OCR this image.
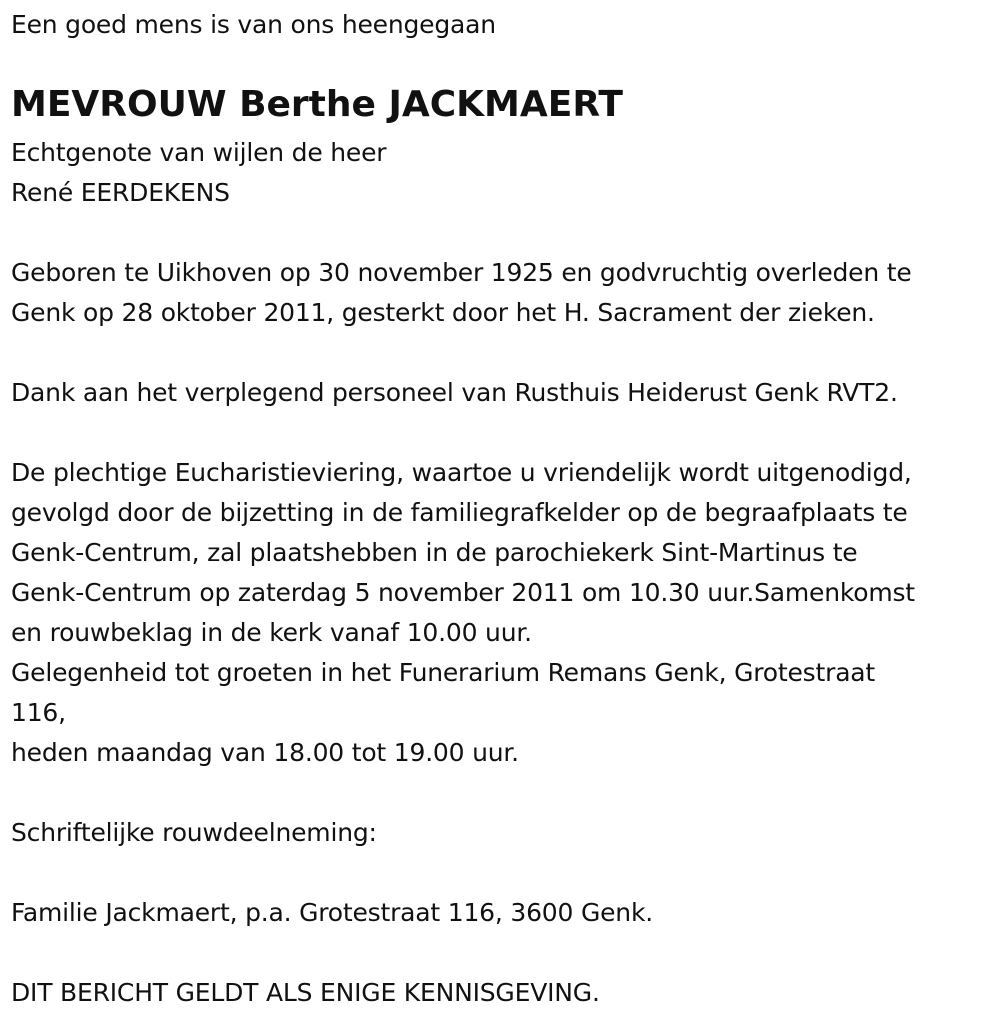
Een goed mens is van ons heengegaan
MEVROUW Berthe JACKMAERT
Echtgenote van wijlen de heer
René EERDEKENS
Geboren te Uikhoven op 30 november 1925 en godvruchtig overleden te
Genk op 28 oktober 2011, gesterkt door het H. Sacrament der zieken.
Dank aan het verplegend personeel van Rusthuis Heiderust Genk RVT2.
De plechtige Eucharistieviering, waartoe u vriendelijk wordt uitgenodigd,
gevolgd door de bijzetting in de familiegrafkelder op de begraafplaats te
Genk-Centrum, zal plaatshebben in de parochiekerk Sint-Martinus te
Genk-Centrum op zaterdag 5 november 2011 om 10.30 uur.Samenkomst
en rouwbeklag in de kerk vanaf 10.00 uur.
Gelegenheid tot groeten in het Funerarium Remans Genk, Grotestraat
116,
heden maandag van 18.00 tot 19.00 uur.
Schriftelijke rouwdeelneming:
Familie Jackmaert, p.a. Grotestraat 116, 3600 Genk.
DIT BERICHT GELDT ALS ENIGE KENNISGEVING.
